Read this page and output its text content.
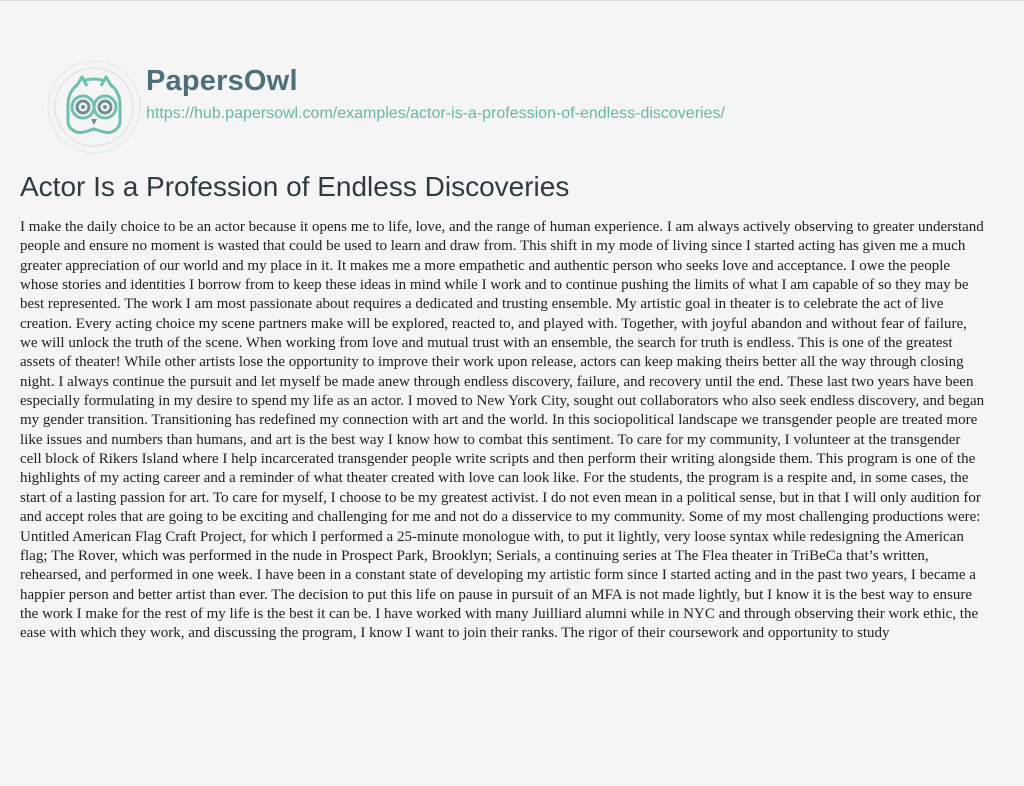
PapersOwl
https://hub.papersowl.com/examples/actor-is-a-profession-of-endless-discoveries/
Actor Is a Profession of Endless Discoveries

I make the daily choice to be an actor because it opens me to life, love, and the range of human experience. I am always actively observing to greater understand people and ensure no moment is wasted that could be used to learn and draw from. This shift in my mode of living since I started acting has given me a much greater appreciation of our world and my place in it. It makes me a more empathetic and authentic person who seeks love and acceptance. I owe the people whose stories and identities I borrow from to keep these ideas in mind while I work and to continue pushing the limits of what I am capable of so they may be best represented. The work I am most passionate about requires a dedicated and trusting ensemble. My artistic goal in theater is to celebrate the act of live creation. Every acting choice my scene partners make will be explored, reacted to, and played with. Together, with joyful abandon and without fear of failure, we will unlock the truth of the scene. When working from love and mutual trust with an ensemble, the search for truth is endless. This is one of the greatest assets of theater! While other artists lose the opportunity to improve their work upon release, actors can keep making theirs better all the way through closing night. I always continue the pursuit and let myself be made anew through endless discovery, failure, and recovery until the end. These last two years have been especially formulating in my desire to spend my life as an actor. I moved to New York City, sought out collaborators who also seek endless discovery, and began my gender transition. Transitioning has redefined my connection with art and the world. In this sociopolitical landscape we transgender people are treated more like issues and numbers than humans, and art is the best way I know how to combat this sentiment. To care for my community, I volunteer at the transgender cell block of Rikers Island where I help incarcerated transgender people write scripts and then perform their writing alongside them. This program is one of the highlights of my acting career and a reminder of what theater created with love can look like. For the students, the program is a respite and, in some cases, the start of a lasting passion for art. To care for myself, I choose to be my greatest activist. I do not even mean in a political sense, but in that I will only audition for and accept roles that are going to be exciting and challenging for me and not do a disservice to my community. Some of my most challenging productions were: Untitled American Flag Craft Project, for which I performed a 25-minute monologue with, to put it lightly, very loose syntax while redesigning the American flag; The Rover, which was performed in the nude in Prospect Park, Brooklyn; Serials, a continuing series at The Flea theater in TriBeCa that’s written, rehearsed, and performed in one week. I have been in a constant state of developing my artistic form since I started acting and in the past two years, I became a happier person and better artist than ever. The decision to put this life on pause in pursuit of an MFA is not made lightly, but I know it is the best way to ensure the work I make for the rest of my life is the best it can be. I have worked with many Juilliard alumni while in NYC and through observing their work ethic, the ease with which they work, and discussing the program, I know I want to join their ranks. The rigor of their coursework and opportunity to study
